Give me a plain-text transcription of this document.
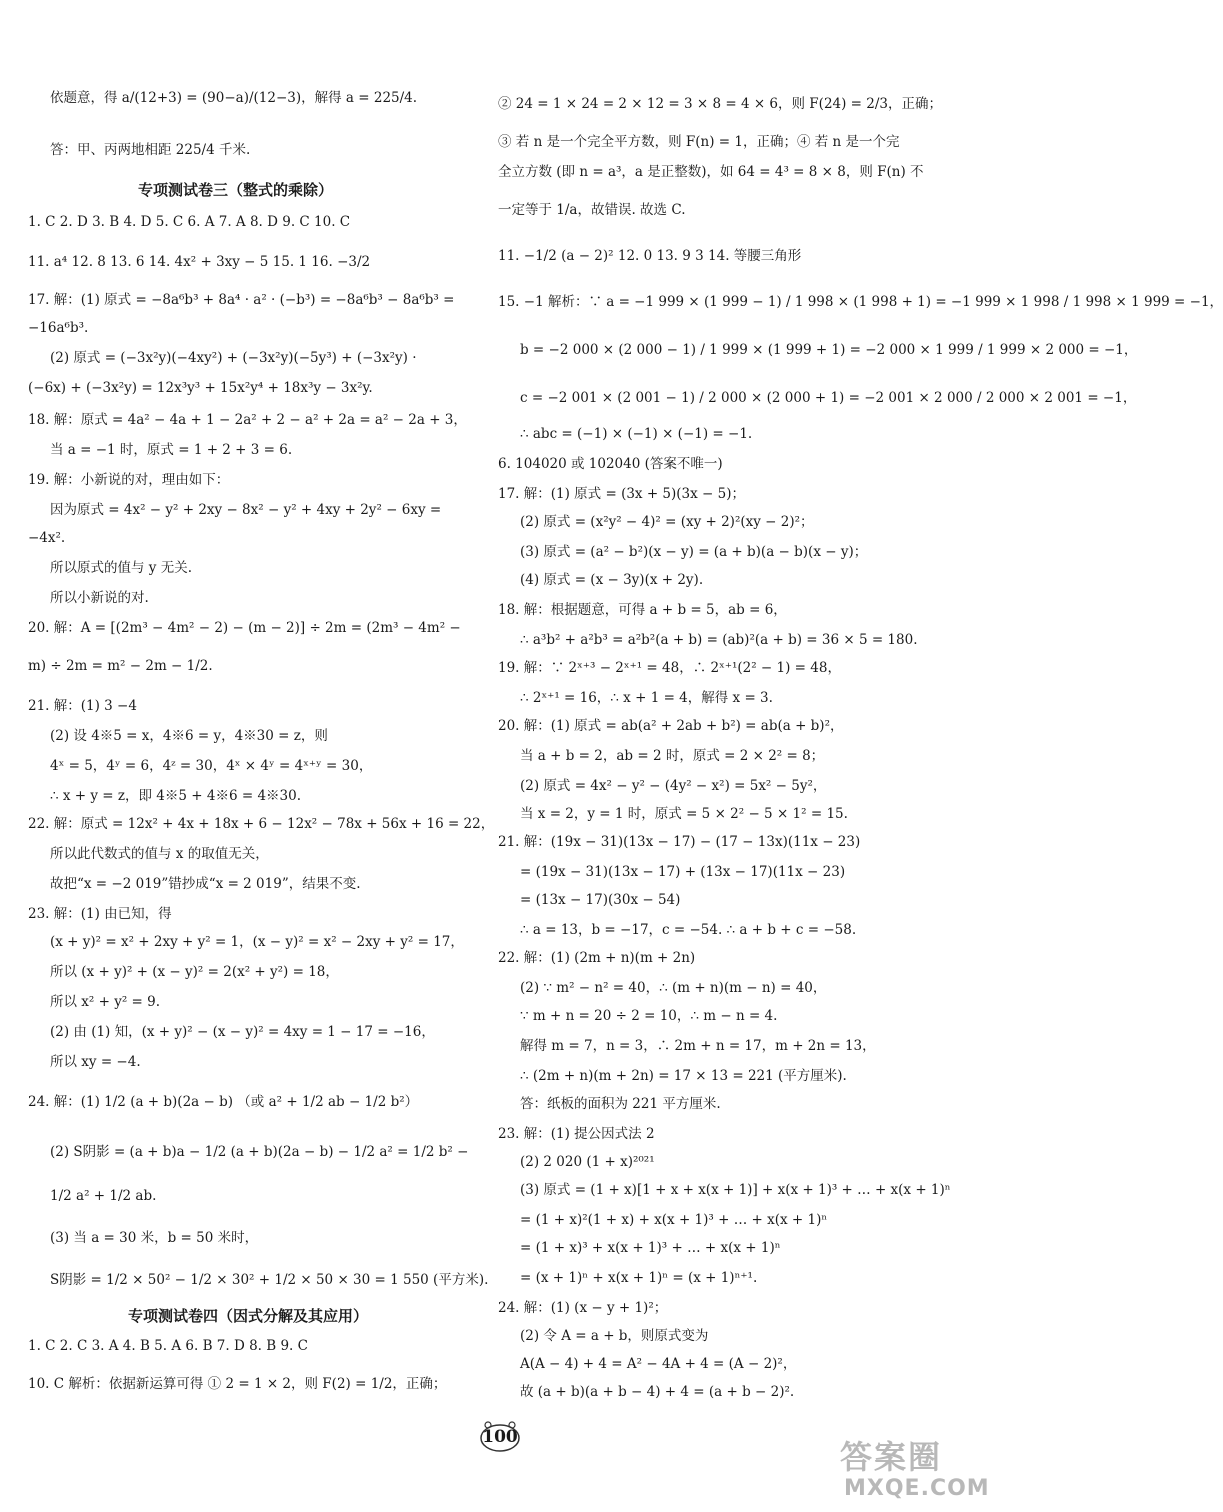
依题意，得 a/(12+3) = (90−a)/(12−3)，解得 a = 225/4.
答：甲、丙两地相距 225/4 千米.
专项测试卷三（整式的乘除）
1. C 2. D 3. B 4. D 5. C 6. A 7. A 8. D 9. C 10. C
11. a⁴ 12. 8 13. 6 14. 4x² + 3xy − 5 15. 1 16. −3/2
17. 解：(1) 原式 = −8a⁶b³ + 8a⁴ · a² · (−b³) = −8a⁶b³ − 8a⁶b³ =
−16a⁶b³.
(2) 原式 = (−3x²y)(−4xy²) + (−3x²y)(−5y³) + (−3x²y) ·
(−6x) + (−3x²y) = 12x³y³ + 15x²y⁴ + 18x³y − 3x²y.
18. 解：原式 = 4a² − 4a + 1 − 2a² + 2 − a² + 2a = a² − 2a + 3，
当 a = −1 时，原式 = 1 + 2 + 3 = 6.
19. 解：小新说的对，理由如下：
因为原式 = 4x² − y² + 2xy − 8x² − y² + 4xy + 2y² − 6xy =
−4x².
所以原式的值与 y 无关.
所以小新说的对.
20. 解：A = [(2m³ − 4m² − 2) − (m − 2)] ÷ 2m = (2m³ − 4m² −
m) ÷ 2m = m² − 2m − 1/2.
21. 解：(1) 3 −4
(2) 设 4※5 = x，4※6 = y，4※30 = z，则
4ˣ = 5，4ʸ = 6，4ᶻ = 30，4ˣ × 4ʸ = 4ˣ⁺ʸ = 30，
∴ x + y = z，即 4※5 + 4※6 = 4※30.
22. 解：原式 = 12x² + 4x + 18x + 6 − 12x² − 78x + 56x + 16 = 22，
所以此代数式的值与 x 的取值无关，
故把“x = −2 019”错抄成“x = 2 019”，结果不变.
23. 解：(1) 由已知，得
(x + y)² = x² + 2xy + y² = 1，(x − y)² = x² − 2xy + y² = 17，
所以 (x + y)² + (x − y)² = 2(x² + y²) = 18，
所以 x² + y² = 9.
(2) 由 (1) 知，(x + y)² − (x − y)² = 4xy = 1 − 17 = −16，
所以 xy = −4.
24. 解：(1) 1/2 (a + b)(2a − b) （或 a² + 1/2 ab − 1/2 b²）
(2) S阴影 = (a + b)a − 1/2 (a + b)(2a − b) − 1/2 a² = 1/2 b² −
1/2 a² + 1/2 ab.
(3) 当 a = 30 米，b = 50 米时，
S阴影 = 1/2 × 50² − 1/2 × 30² + 1/2 × 50 × 30 = 1 550 (平方米).
专项测试卷四（因式分解及其应用）
1. C 2. C 3. A 4. B 5. A 6. B 7. D 8. B 9. C
10. C 解析：依据新运算可得 ① 2 = 1 × 2，则 F(2) = 1/2，正确；
② 24 = 1 × 24 = 2 × 12 = 3 × 8 = 4 × 6，则 F(24) = 2/3，正确；
③ 若 n 是一个完全平方数，则 F(n) = 1，正确；④ 若 n 是一个完
全立方数 (即 n = a³，a 是正整数)，如 64 = 4³ = 8 × 8，则 F(n) 不
一定等于 1/a，故错误. 故选 C.
11. −1/2 (a − 2)² 12. 0 13. 9 3 14. 等腰三角形
15. −1 解析：∵ a = −1 999 × (1 999 − 1) / 1 998 × (1 998 + 1) = −1 999 × 1 998 / 1 998 × 1 999 = −1，
b = −2 000 × (2 000 − 1) / 1 999 × (1 999 + 1) = −2 000 × 1 999 / 1 999 × 2 000 = −1，
c = −2 001 × (2 001 − 1) / 2 000 × (2 000 + 1) = −2 001 × 2 000 / 2 000 × 2 001 = −1，
∴ abc = (−1) × (−1) × (−1) = −1.
6. 104020 或 102040 (答案不唯一)
17. 解：(1) 原式 = (3x + 5)(3x − 5)；
(2) 原式 = (x²y² − 4)² = (xy + 2)²(xy − 2)²；
(3) 原式 = (a² − b²)(x − y) = (a + b)(a − b)(x − y)；
(4) 原式 = (x − 3y)(x + 2y).
18. 解：根据题意，可得 a + b = 5，ab = 6，
∴ a³b² + a²b³ = a²b²(a + b) = (ab)²(a + b) = 36 × 5 = 180.
19. 解：∵ 2ˣ⁺³ − 2ˣ⁺¹ = 48，∴ 2ˣ⁺¹(2² − 1) = 48，
∴ 2ˣ⁺¹ = 16，∴ x + 1 = 4，解得 x = 3.
20. 解：(1) 原式 = ab(a² + 2ab + b²) = ab(a + b)²，
当 a + b = 2，ab = 2 时，原式 = 2 × 2² = 8；
(2) 原式 = 4x² − y² − (4y² − x²) = 5x² − 5y²，
当 x = 2，y = 1 时，原式 = 5 × 2² − 5 × 1² = 15.
21. 解：(19x − 31)(13x − 17) − (17 − 13x)(11x − 23)
= (19x − 31)(13x − 17) + (13x − 17)(11x − 23)
= (13x − 17)(30x − 54)
∴ a = 13，b = −17，c = −54. ∴ a + b + c = −58.
22. 解：(1) (2m + n)(m + 2n)
(2) ∵ m² − n² = 40，∴ (m + n)(m − n) = 40，
∵ m + n = 20 ÷ 2 = 10，∴ m − n = 4.
解得 m = 7，n = 3，∴ 2m + n = 17，m + 2n = 13，
∴ (2m + n)(m + 2n) = 17 × 13 = 221 (平方厘米).
答：纸板的面积为 221 平方厘米.
23. 解：(1) 提公因式法 2
(2) 2 020 (1 + x)²⁰²¹
(3) 原式 = (1 + x)[1 + x + x(x + 1)] + x(x + 1)³ + … + x(x + 1)ⁿ
= (1 + x)²(1 + x) + x(x + 1)³ + … + x(x + 1)ⁿ
= (1 + x)³ + x(x + 1)³ + … + x(x + 1)ⁿ
= (x + 1)ⁿ + x(x + 1)ⁿ = (x + 1)ⁿ⁺¹.
24. 解：(1) (x − y + 1)²；
(2) 令 A = a + b，则原式变为
A(A − 4) + 4 = A² − 4A + 4 = (A − 2)²，
故 (a + b)(a + b − 4) + 4 = (a + b − 2)².
100
答案圈
MXQE.COM
